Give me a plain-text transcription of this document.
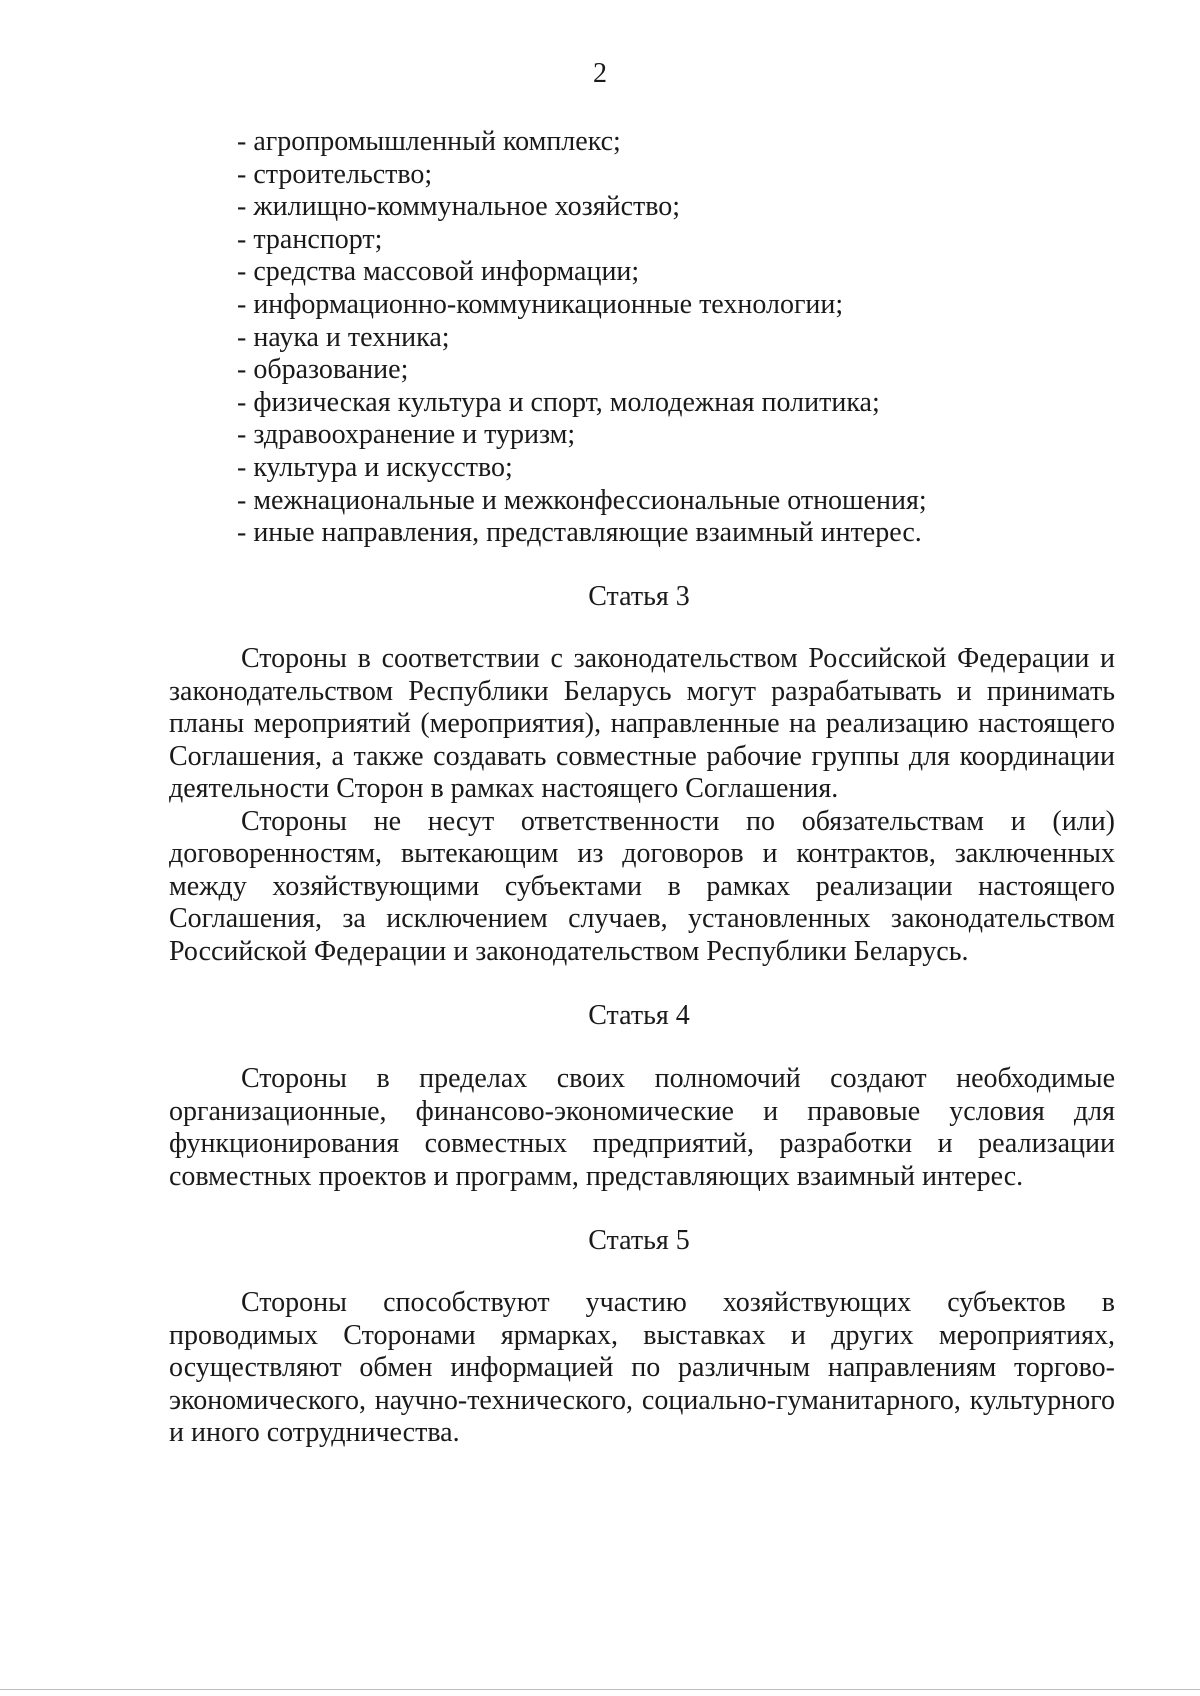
2
- агропромышленный комплекс;
- строительство;
- жилищно-коммунальное хозяйство;
- транспорт;
- средства массовой информации;
- информационно-коммуникационные технологии;
- наука и техника;
- образование;
- физическая культура и спорт, молодежная политика;
- здравоохранение и туризм;
- культура и искусство;
- межнациональные и межконфессиональные отношения;
- иные направления, представляющие взаимный интерес.
Статья 3

Стороны в соответствии с законодательством Российской Федерации и законодательством Республики Беларусь могут разрабатывать и принимать планы мероприятий (мероприятия), направленные на реализацию настоящего Соглашения, а также создавать совместные рабочие группы для координации деятельности Сторон в рамках настоящего Соглашения.

Стороны не несут ответственности по обязательствам и (или) договоренностям, вытекающим из договоров и контрактов, заключенных между хозяйствующими субъектами в рамках реализации настоящего Соглашения, за исключением случаев, установленных законодательством Российской Федерации и законодательством Республики Беларусь.

Статья 4

Стороны в пределах своих полномочий создают необходимые организационные, финансово-экономические и правовые условия для функционирования совместных предприятий, разработки и реализации совместных проектов и программ, представляющих взаимный интерес.

Статья 5

Стороны способствуют участию хозяйствующих субъектов в проводимых Сторонами ярмарках, выставках и других мероприятиях, осуществляют обмен информацией по различным направлениям торгово-экономического, научно-технического, социально-гуманитарного, культурного и иного сотрудничества.
